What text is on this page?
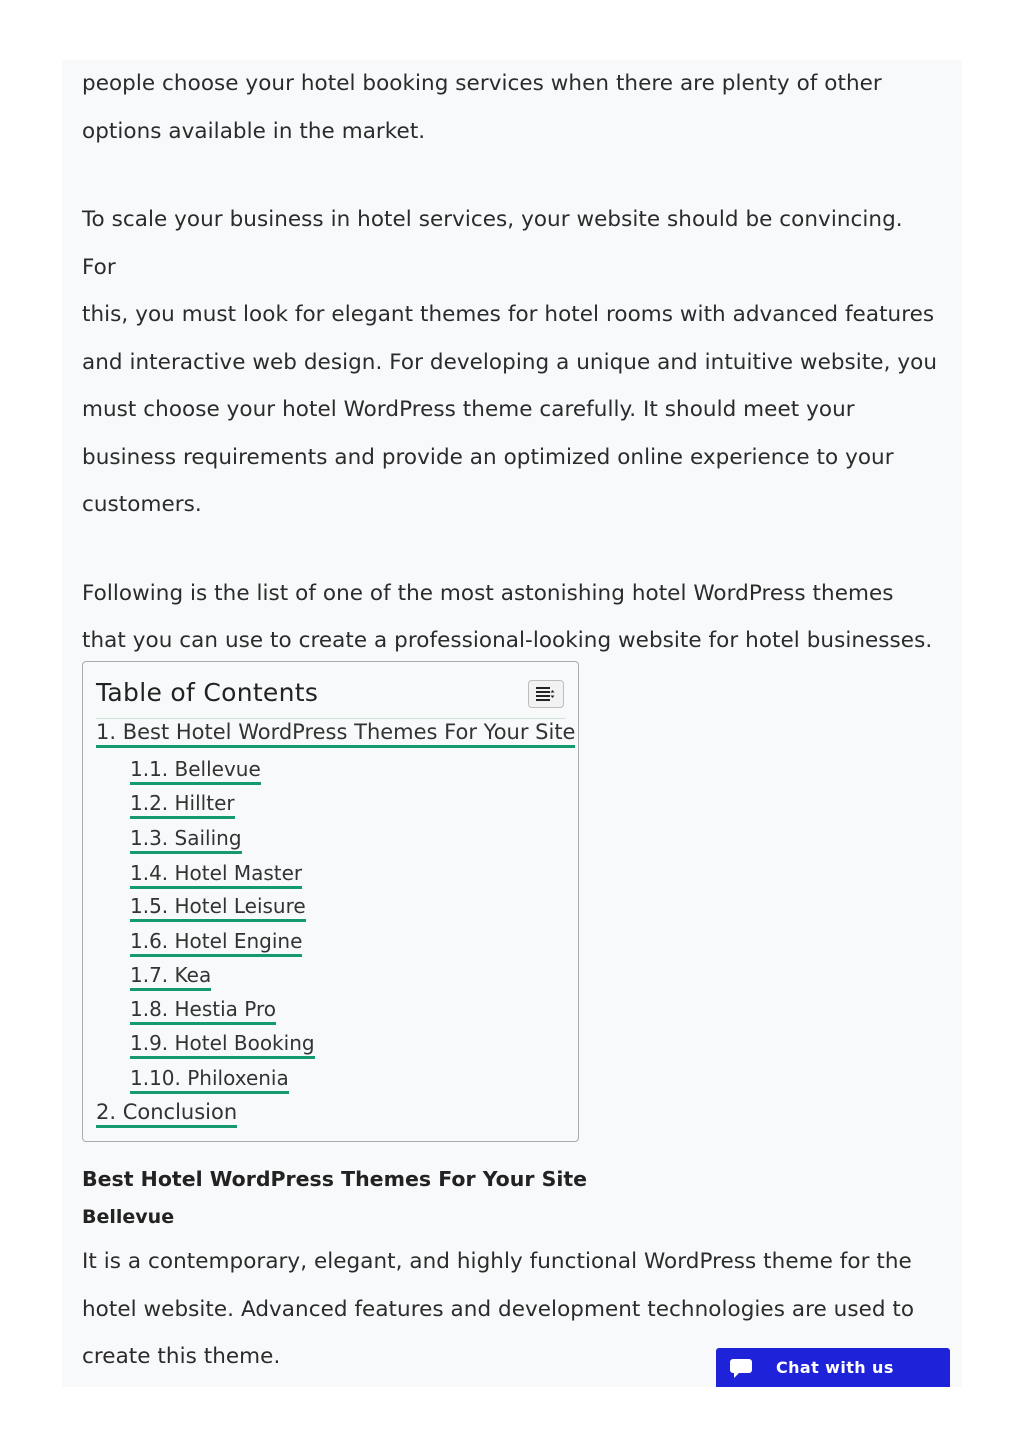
people choose your hotel booking services when there are plenty of other
options available in the market.

To scale your business in hotel services, your website should be convincing. For
this, you must look for elegant themes for hotel rooms with advanced features
and interactive web design. For developing a unique and intuitive website, you
must choose your hotel WordPress theme carefully. It should meet your
business requirements and provide an optimized online experience to your
customers.

Following is the list of one of the most astonishing hotel WordPress themes
that you can use to create a professional-looking website for hotel businesses.

Table of Contents
1. Best Hotel WordPress Themes For Your Site
1.1. Bellevue
1.2. Hillter
1.3. Sailing
1.4. Hotel Master
1.5. Hotel Leisure
1.6. Hotel Engine
1.7. Kea
1.8. Hestia Pro
1.9. Hotel Booking
1.10. Philoxenia
2. Conclusion
Best Hotel WordPress Themes For Your Site
Bellevue

It is a contemporary, elegant, and highly functional WordPress theme for the
hotel website. Advanced features and development technologies are used to
create this theme.	Chat with us
